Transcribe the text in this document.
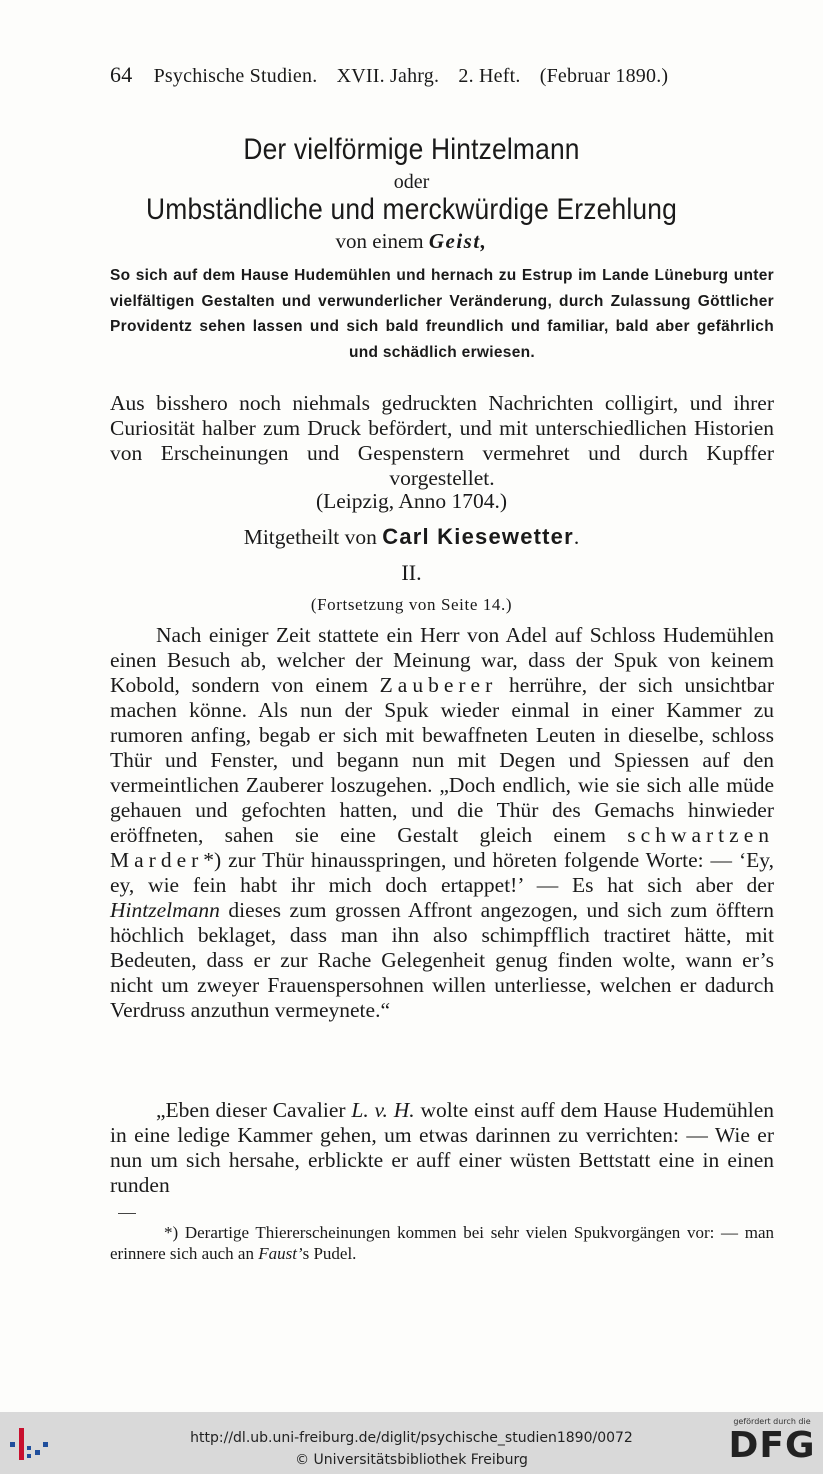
64 Psychische Studien. XVII. Jahrg. 2. Heft. (Februar 1890.)
Der vielförmige Hintzelmann
oder
Umbständliche und merckwürdige Erzehlung
von einem Geist,
So sich auf dem Hause Hudemühlen und hernach zu Estrup im Lande Lüneburg unter vielfältigen Gestalten und verwunderlicher Veränderung, durch Zulassung Göttlicher Providentz sehen lassen und sich bald freundlich und familiar, bald aber gefährlich und schädlich erwiesen.
Aus bisshero noch niehmals gedruckten Nachrichten colligirt, und ihrer Curiosität halber zum Druck befördert, und mit unterschiedlichen Historien von Erscheinungen und Gespenstern vermehret und durch Kupffer vorgestellet.
(Leipzig, Anno 1704.)
Mitgetheilt von Carl Kiesewetter.
II.
(Fortsetzung von Seite 14.)

Nach einiger Zeit stattete ein Herr von Adel auf Schloss Hudemühlen einen Besuch ab, welcher der Meinung war, dass der Spuk von keinem Kobold, sondern von einem Zauberer herrühre, der sich unsichtbar machen könne. Als nun der Spuk wieder einmal in einer Kammer zu rumoren anfing, begab er sich mit bewaffneten Leuten in dieselbe, schloss Thür und Fenster, und begann nun mit Degen und Spiessen auf den vermeintlichen Zauberer loszugehen. „Doch endlich, wie sie sich alle müde gehauen und gefochten hatten, und die Thür des Gemachs hinwieder eröffneten, sahen sie eine Gestalt gleich einem schwartzen Marder*) zur Thür hinausspringen, und höreten folgende Worte: — ‘Ey, ey, wie fein habt ihr mich doch ertappet!’ — Es hat sich aber der Hintzelmann dieses zum grossen Affront angezogen, und sich zum öfftern höchlich beklaget, dass man ihn also schimpfflich tractiret hätte, mit Bedeuten, dass er zur Rache Gelegenheit genug finden wolte, wann er’s nicht um zweyer Frauenspersohnen willen unterliesse, welchen er dadurch Verdruss anzuthun vermeynete.“

„Eben dieser Cavalier L. v. H. wolte einst auff dem Hause Hudemühlen in eine ledige Kammer gehen, um etwas darinnen zu verrichten: — Wie er nun um sich hersahe, erblickte er auff einer wüsten Bettstatt eine in einen runden

*) Derartige Thiererscheinungen kommen bei sehr vielen Spukvorgängen vor: — man erinnere sich auch an Faust’s Pudel.

http://dl.ub.uni-freiburg.de/diglit/psychische_studien1890/0072
© Universitätsbibliothek Freiburg
gefördert durch die
DFG
